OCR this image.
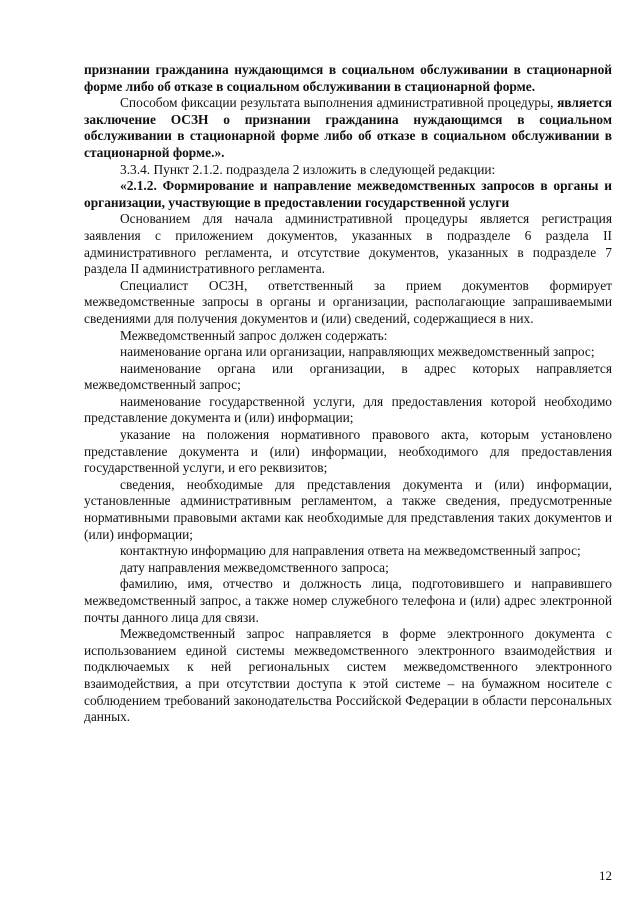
признании гражданина нуждающимся в социальном обслуживании в стационарной форме либо об отказе в социальном обслуживании в стационарной форме.

Способом фиксации результата выполнения административной процедуры, является заключение ОСЗН о признании гражданина нуждающимся в социальном обслуживании в стационарной форме либо об отказе в социальном обслуживании в стационарной форме.».

3.3.4. Пункт 2.1.2. подраздела 2 изложить в следующей редакции:

«2.1.2. Формирование и направление межведомственных запросов в органы и организации, участвующие в предоставлении государственной услуги

Основанием для начала административной процедуры является регистрация заявления с приложением документов, указанных в подразделе 6 раздела II административного регламента, и отсутствие документов, указанных в подразделе 7 раздела II административного регламента.

Специалист ОСЗН, ответственный за прием документов формирует межведомственные запросы в органы и организации, располагающие запрашиваемыми сведениями для получения документов и (или) сведений, содержащиеся в них.

Межведомственный запрос должен содержать:

наименование органа или организации, направляющих межведомственный запрос;

наименование органа или организации, в адрес которых направляется межведомственный запрос;

наименование государственной услуги, для предоставления которой необходимо представление документа и (или) информации;

указание на положения нормативного правового акта, которым установлено представление документа и (или) информации, необходимого для предоставления государственной услуги, и его реквизитов;

сведения, необходимые для представления документа и (или) информации, установленные административным регламентом, а также сведения, предусмотренные нормативными правовыми актами как необходимые для представления таких документов и (или) информации;

контактную информацию для направления ответа на межведомственный запрос;

дату направления межведомственного запроса;

фамилию, имя, отчество и должность лица, подготовившего и направившего межведомственный запрос, а также номер служебного телефона и (или) адрес электронной почты данного лица для связи.

Межведомственный запрос направляется в форме электронного документа с использованием единой системы межведомственного электронного взаимодействия и подключаемых к ней региональных систем межведомственного электронного взаимодействия, а при отсутствии доступа к этой системе – на бумажном носителе с соблюдением требований законодательства Российской Федерации в области персональных данных.

12
